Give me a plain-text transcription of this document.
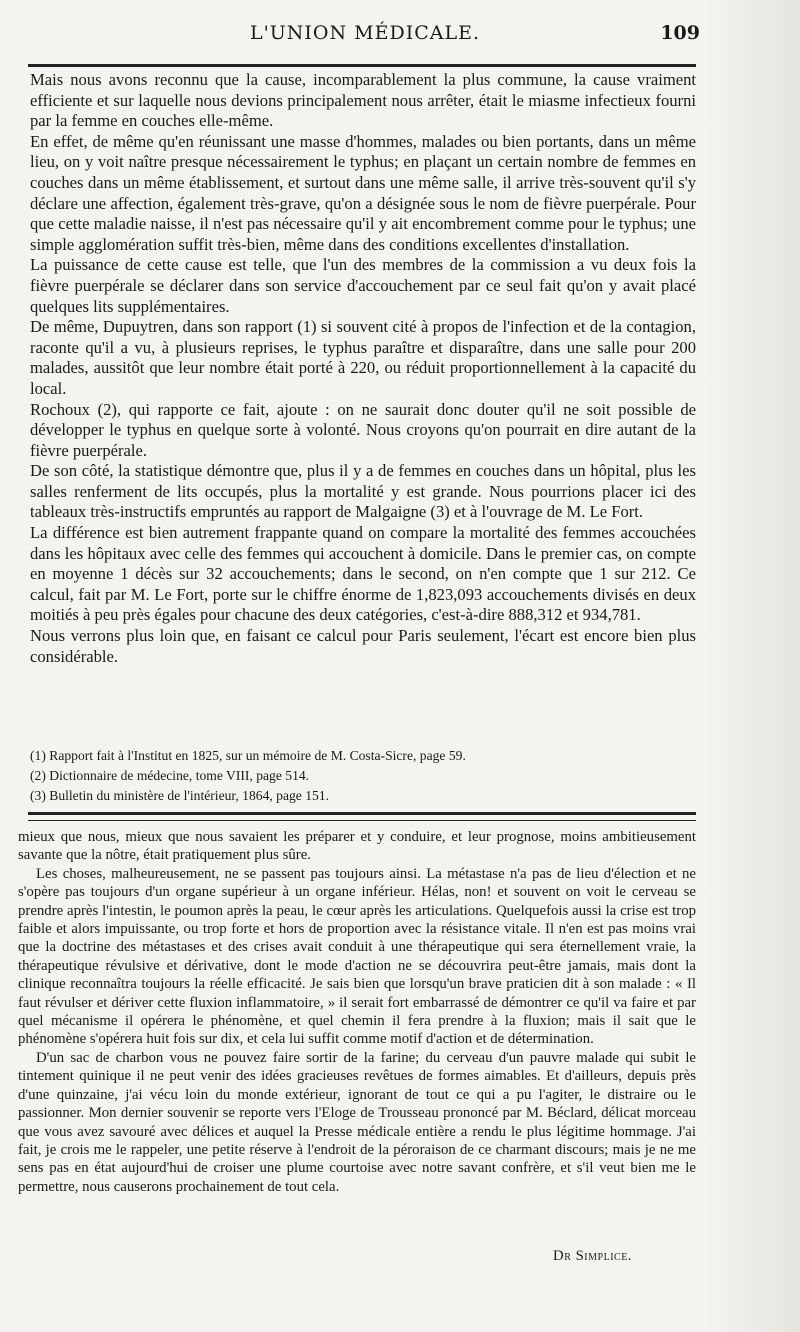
L'UNION MÉDICALE.	109

Mais nous avons reconnu que la cause, incomparablement la plus commune, la cause vraiment efficiente et sur laquelle nous devions principalement nous arrêter, était le miasme infectieux fourni par la femme en couches elle-même.

En effet, de même qu'en réunissant une masse d'hommes, malades ou bien portants, dans un même lieu, on y voit naître presque nécessairement le typhus; en plaçant un certain nombre de femmes en couches dans un même établissement, et surtout dans une même salle, il arrive très-souvent qu'il s'y déclare une affection, également très-grave, qu'on a désignée sous le nom de fièvre puerpérale. Pour que cette maladie naisse, il n'est pas nécessaire qu'il y ait encombrement comme pour le typhus; une simple agglomération suffit très-bien, même dans des conditions excellentes d'installation.

La puissance de cette cause est telle, que l'un des membres de la commission a vu deux fois la fièvre puerpérale se déclarer dans son service d'accouchement par ce seul fait qu'on y avait placé quelques lits supplémentaires.

De même, Dupuytren, dans son rapport (1) si souvent cité à propos de l'infection et de la contagion, raconte qu'il a vu, à plusieurs reprises, le typhus paraître et disparaître, dans une salle pour 200 malades, aussitôt que leur nombre était porté à 220, ou réduit proportionnellement à la capacité du local.

Rochoux (2), qui rapporte ce fait, ajoute : on ne saurait donc douter qu'il ne soit possible de développer le typhus en quelque sorte à volonté. Nous croyons qu'on pourrait en dire autant de la fièvre puerpérale.

De son côté, la statistique démontre que, plus il y a de femmes en couches dans un hôpital, plus les salles renferment de lits occupés, plus la mortalité y est grande. Nous pourrions placer ici des tableaux très-instructifs empruntés au rapport de Malgaigne (3) et à l'ouvrage de M. Le Fort.

La différence est bien autrement frappante quand on compare la mortalité des femmes accouchées dans les hôpitaux avec celle des femmes qui accouchent à domicile. Dans le premier cas, on compte en moyenne 1 décès sur 32 accouchements; dans le second, on n'en compte que 1 sur 212. Ce calcul, fait par M. Le Fort, porte sur le chiffre énorme de 1,823,093 accouchements divisés en deux moitiés à peu près égales pour chacune des deux catégories, c'est-à-dire 888,312 et 934,781.

Nous verrons plus loin que, en faisant ce calcul pour Paris seulement, l'écart est encore bien plus considérable.

(1) Rapport fait à l'Institut en 1825, sur un mémoire de M. Costa-Sicre, page 59.
(2) Dictionnaire de médecine, tome VIII, page 514.
(3) Bulletin du ministère de l'intérieur, 1864, page 151.

mieux que nous, mieux que nous savaient les préparer et y conduire, et leur prognose, moins ambitieusement savante que la nôtre, était pratiquement plus sûre.

Les choses, malheureusement, ne se passent pas toujours ainsi. La métastase n'a pas de lieu d'élection et ne s'opère pas toujours d'un organe supérieur à un organe inférieur. Hélas, non! et souvent on voit le cerveau se prendre après l'intestin, le poumon après la peau, le cœur après les articulations. Quelquefois aussi la crise est trop faible et alors impuissante, ou trop forte et hors de proportion avec la résistance vitale. Il n'en est pas moins vrai que la doctrine des métastases et des crises avait conduit à une thérapeutique qui sera éternellement vraie, la thérapeutique révulsive et dérivative, dont le mode d'action ne se découvrira peut-être jamais, mais dont la clinique reconnaîtra toujours la réelle efficacité. Je sais bien que lorsqu'un brave praticien dit à son malade : « Il faut révulser et dériver cette fluxion inflammatoire, » il serait fort embarrassé de démontrer ce qu'il va faire et par quel mécanisme il opérera le phénomène, et quel chemin il fera prendre à la fluxion; mais il sait que le phénomène s'opérera huit fois sur dix, et cela lui suffit comme motif d'action et de détermination.

D'un sac de charbon vous ne pouvez faire sortir de la farine; du cerveau d'un pauvre malade qui subit le tintement quinique il ne peut venir des idées gracieuses revêtues de formes aimables. Et d'ailleurs, depuis près d'une quinzaine, j'ai vécu loin du monde extérieur, ignorant de tout ce qui a pu l'agiter, le distraire ou le passionner. Mon dernier souvenir se reporte vers l'Eloge de Trousseau prononcé par M. Béclard, délicat morceau que vous avez savouré avec délices et auquel la Presse médicale entière a rendu le plus légitime hommage. J'ai fait, je crois me le rappeler, une petite réserve à l'endroit de la péroraison de ce charmant discours; mais je ne me sens pas en état aujourd'hui de croiser une plume courtoise avec notre savant confrère, et s'il veut bien me le permettre, nous causerons prochainement de tout cela.

Dr Simplice.
